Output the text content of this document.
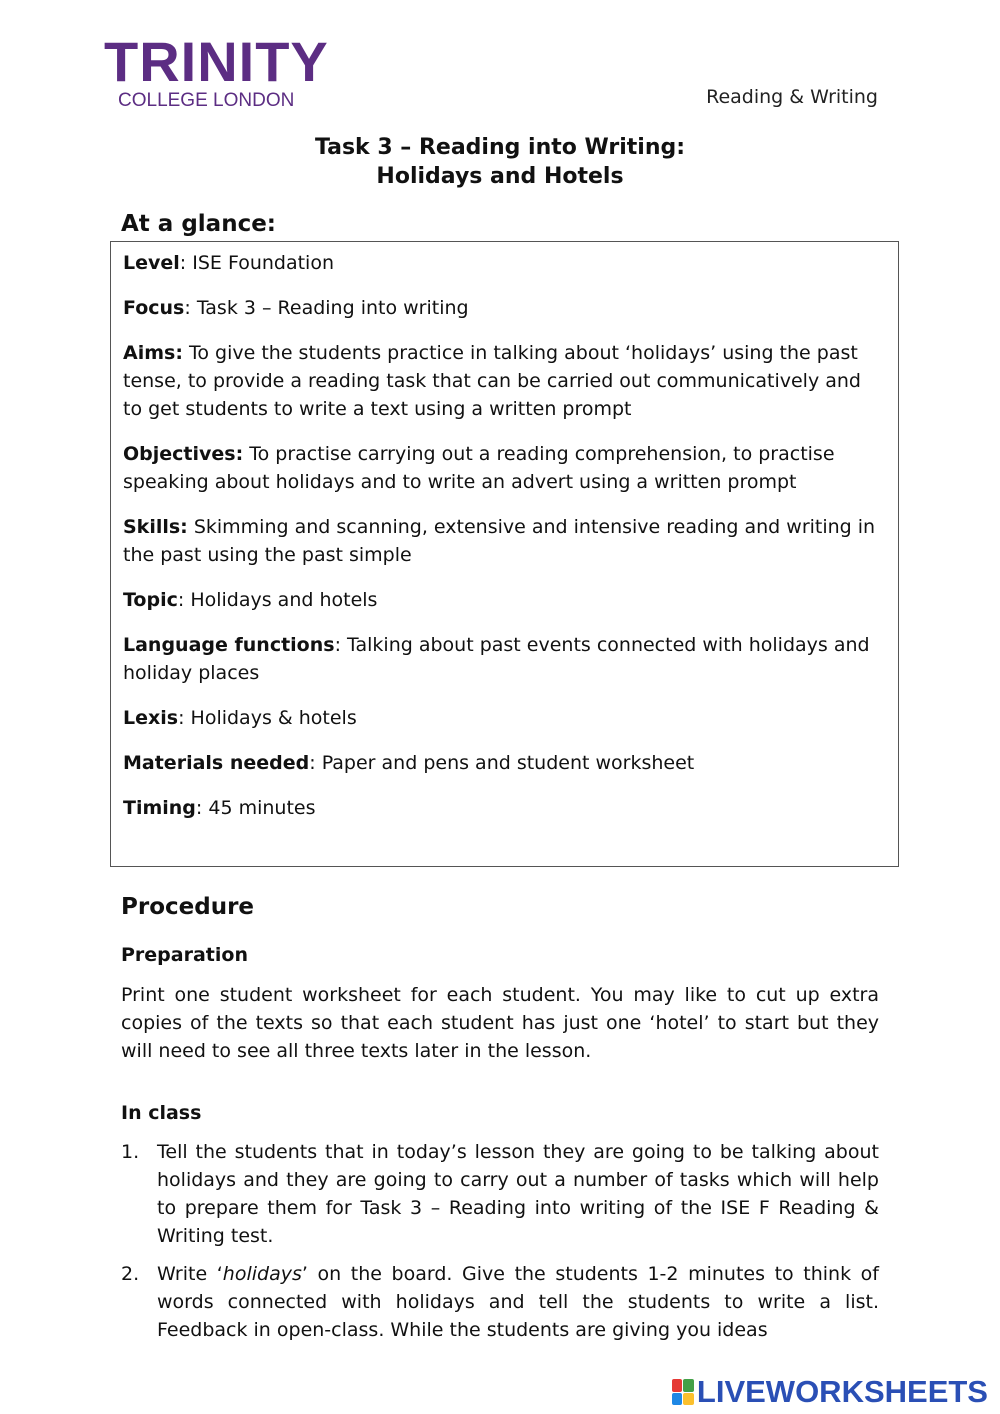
TRINITY
COLLEGE LONDON	Reading & Writing
Task 3 – Reading into Writing:
Holidays and Hotels
At a glance:

Level: ISE Foundation

Focus: Task 3 – Reading into writing

Aims: To give the students practice in talking about ‘holidays’ using the past tense, to provide a reading task that can be carried out communicatively and to get students to write a text using a written prompt

Objectives: To practise carrying out a reading comprehension, to practise speaking about holidays and to write an advert using a written prompt

Skills: Skimming and scanning, extensive and intensive reading and writing in the past using the past simple

Topic: Holidays and hotels

Language functions: Talking about past events connected with holidays and holiday places

Lexis: Holidays & hotels

Materials needed: Paper and pens and student worksheet

Timing: 45 minutes

Procedure
Preparation
Print one student worksheet for each student. You may like to cut up extra copies of the texts so that each student has just one ‘hotel’ to start but they will need to see all three texts later in the lesson.
In class
1. Tell the students that in today’s lesson they are going to be talking about holidays and they are going to carry out a number of tasks which will help to prepare them for Task 3 – Reading into writing of the ISE F Reading & Writing test.
2. Write ‘holidays’ on the board. Give the students 1-2 minutes to think of words connected with holidays and tell the students to write a list. Feedback in open-class. While the students are giving you ideas
LIVEWORKSHEETS
